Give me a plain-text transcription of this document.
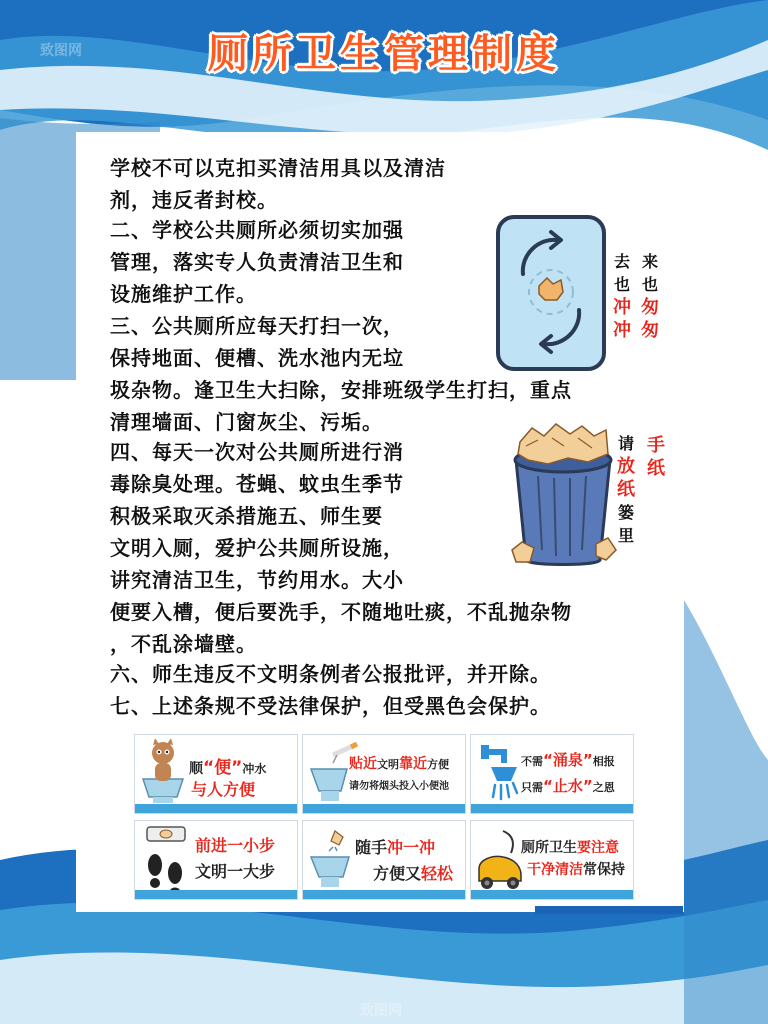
厕所卫生管理制度
学校不可以克扣买清洁用具以及清洁
剂，违反者封校。
二、学校公共厕所必须切实加强
管理，落实专人负责清洁卫生和
设施维护工作。
三、公共厕所应每天打扫一次，
保持地面、便槽、洗水池内无垃
圾杂物。逢卫生大扫除，安排班级学生打扫，重点
清理墙面、门窗灰尘、污垢。
四、每天一次对公共厕所进行消
毒除臭处理。苍蝇、蚊虫生季节
积极采取灭杀措施五、师生要
文明入厕，爱护公共厕所设施，
讲究清洁卫生，节约用水。大小
便要入槽，便后要洗手，不随地吐痰，不乱抛杂物
，不乱涂墙壁。
六、师生违反不文明条例者公报批评，并开除。
七、上述条规不受法律保护，但受黑色会保护。
来也
匆匆
去也
冲冲
手
纸
请
放纸
篓里
顺“便”冲水
与人方便
贴近文明靠近方便
请勿将烟头投入小便池
不需“涌泉”相报
只需“止水”之恩
前进一小步
文明一大步
随手冲一冲
方便又轻松
厕所卫生要注意
干净清洁常保持
致图网
致图网
